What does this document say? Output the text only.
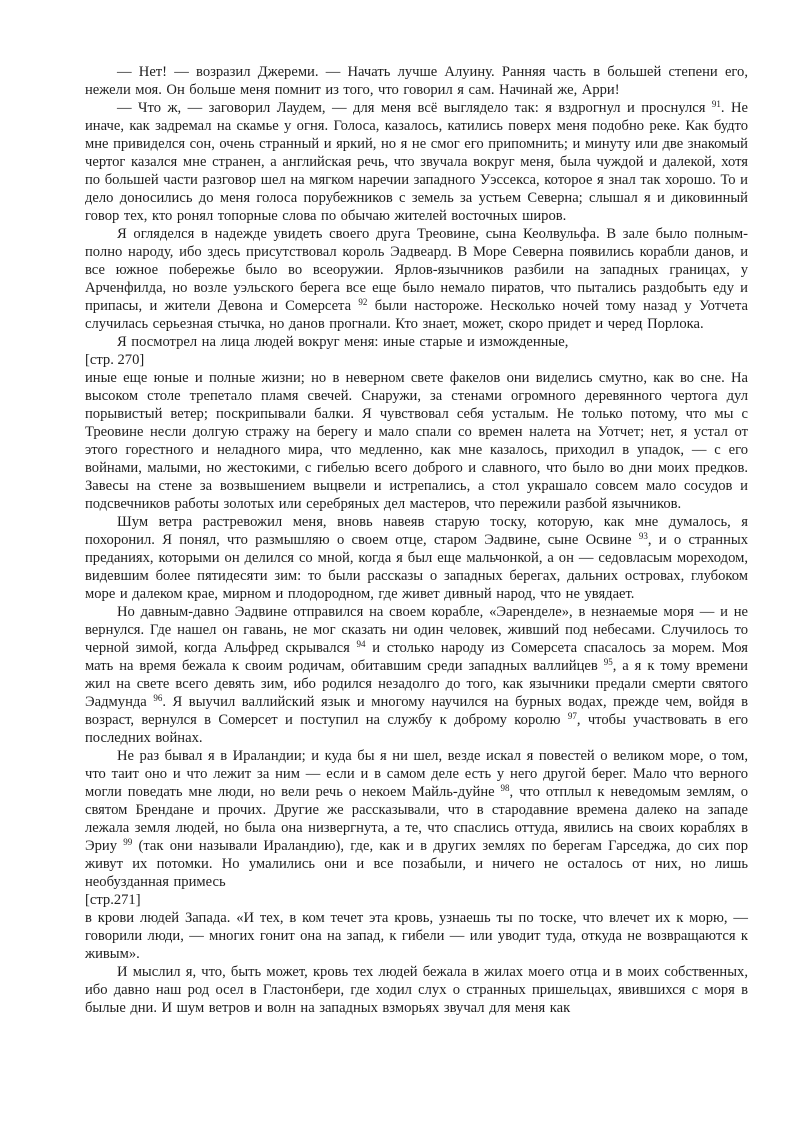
— Нет! — возразил Джереми. — Начать лучше Алуину. Ранняя часть в большей степени его, нежели моя. Он больше меня помнит из того, что говорил я сам. Начинай же, Арри!

— Что ж, — заговорил Лаудем, — для меня всё выглядело так: я вздрогнул и проснулся $^{91}$. Не иначе, как задремал на скамье у огня. Голоса, казалось, катились поверх меня подобно реке. Как будто мне привиделся сон, очень странный и яркий, но я не смог его припомнить; и минуту или две знакомый чертог казался мне странен, а английская речь, что звучала вокруг меня, была чуждой и далекой, хотя по большей части разговор шел на мягком наречии западного Уэссекса, которое я знал так хорошо. То и дело доносились до меня голоса порубежников с земель за устьем Северна; слышал я и диковинный говор тех, кто ронял топорные слова по обычаю жителей восточных широв.

Я огляделся в надежде увидеть своего друга Треовине, сына Кеолвульфа. В зале было полным-полно народу, ибо здесь присутствовал король Эадвеард. В Море Северна появились корабли данов, и все южное побережье было во всеоружии. Ярлов-язычников разбили на западных границах, у Арченфилда, но возле уэльского берега все еще было немало пиратов, что пытались раздобыть еду и припасы, и жители Девона и Сомерсета $^{92}$ были настороже. Несколько ночей тому назад у Уотчета случилась серьезная стычка, но данов прогнали. Кто знает, может, скоро придет и черед Порлока.

Я посмотрел на лица людей вокруг меня: иные старые и изможденные,

[стр. 270]

иные еще юные и полные жизни; но в неверном свете факелов они виделись смутно, как во сне. На высоком столе трепетало пламя свечей. Снаружи, за стенами огромного деревянного чертога дул порывистый ветер; поскрипывали балки. Я чувствовал себя усталым. Не только потому, что мы с Треовине несли долгую стражу на берегу и мало спали со времен налета на Уотчет; нет, я устал от этого горестного и неладного мира, что медленно, как мне казалось, приходил в упадок, — с его войнами, малыми, но жестокими, с гибелью всего доброго и славного, что было во дни моих предков. Завесы на стене за возвышением выцвели и истрепались, а стол украшало совсем мало сосудов и подсвечников работы золотых или серебряных дел мастеров, что пережили разбой язычников.

Шум ветра растревожил меня, вновь навеяв старую тоску, которую, как мне думалось, я похоронил. Я понял, что размышляю о своем отце, старом Эадвине, сыне Освине $^{93}$, и о странных преданиях, которыми он делился со мной, когда я был еще мальчонкой, а он — седовласым мореходом, видевшим более пятидесяти зим: то были рассказы о западных берегах, дальних островах, глубоком море и далеком крае, мирном и плодородном, где живет дивный народ, что не увядает.

Но давным-давно Эадвине отправился на своем корабле, «Эаренделе», в незнаемые моря — и не вернулся. Где нашел он гавань, не мог сказать ни один человек, живший под небесами. Случилось то черной зимой, когда Альфред скрывался $^{94}$ и столько народу из Сомерсета спасалось за морем. Моя мать на время бежала к своим родичам, обитавшим среди западных валлийцев $^{95}$, а я к тому времени жил на свете всего девять зим, ибо родился незадолго до того, как язычники предали смерти святого Эадмунда $^{96}$. Я выучил валлийский язык и многому научился на бурных водах, прежде чем, войдя в возраст, вернулся в Сомерсет и поступил на службу к доброму королю $^{97}$, чтобы участвовать в его последних войнах.

Не раз бывал я в Ираландии; и куда бы я ни шел, везде искал я повестей о великом море, о том, что таит оно и что лежит за ним — если и в самом деле есть у него другой берег. Мало что верного могли поведать мне люди, но вели речь о некоем Майль-дуйне $^{98}$, что отплыл к неведомым землям, о святом Брендане и прочих. Другие же рассказывали, что в стародавние времена далеко на западе лежала земля людей, но была она низвергнута, а те, что спаслись оттуда, явились на своих кораблях в Эриу $^{99}$ (так они называли Ираландию), где, как и в других землях по берегам Гарседжа, до сих пор живут их потомки. Но умалились они и все позабыли, и ничего не осталось от них, но лишь необузданная примесь

[стр.271]

в крови людей Запада. «И тех, в ком течет эта кровь, узнаешь ты по тоске, что влечет их к морю, — говорили люди, — многих гонит она на запад, к гибели — или уводит туда, откуда не возвращаются к живым».

И мыслил я, что, быть может, кровь тех людей бежала в жилах моего отца и в моих собственных, ибо давно наш род осел в Гластонбери, где ходил слух о странных пришельцах, явившихся с моря в былые дни. И шум ветров и волн на западных взморьях звучал для меня как
